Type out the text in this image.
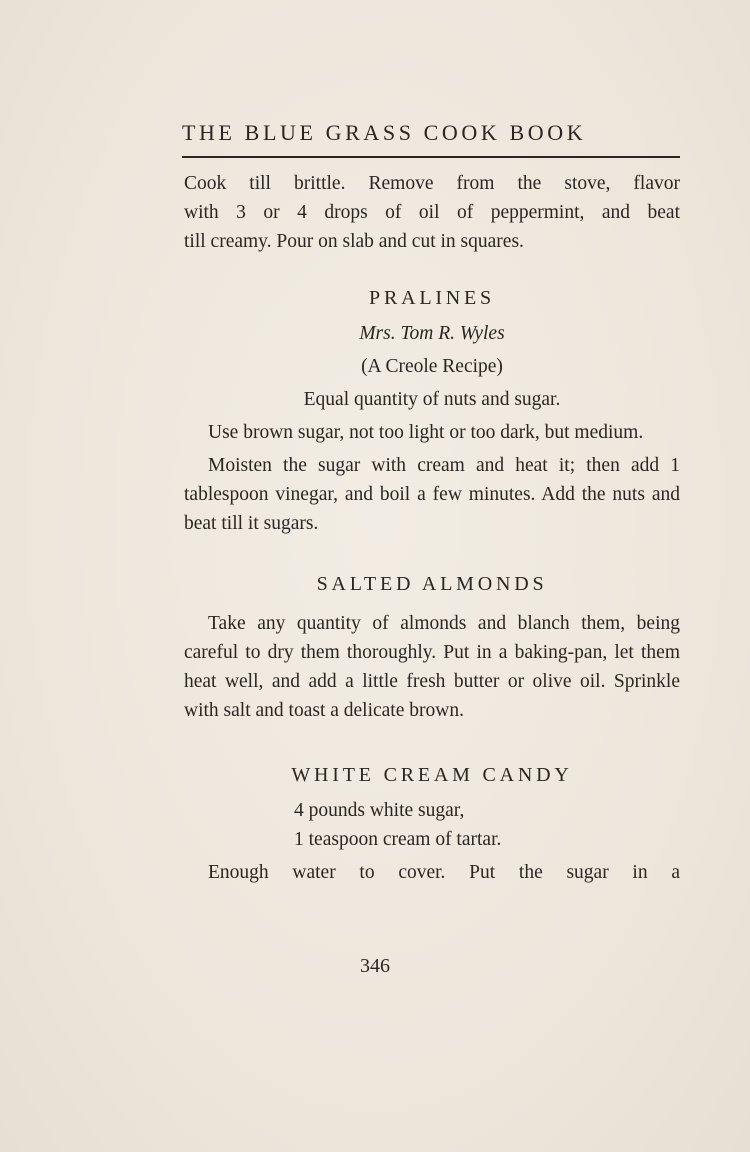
THE BLUE GRASS COOK BOOK

Cook till brittle. Remove from the stove, flavor

with 3 or 4 drops of oil of peppermint, and beat

till creamy. Pour on slab and cut in squares.

PRALINES

Mrs. Tom R. Wyles

(A Creole Recipe)

Equal quantity of nuts and sugar.

Use brown sugar, not too light or too dark, but medium.

Moisten the sugar with cream and heat it; then add 1 tablespoon vinegar, and boil a few minutes. Add the nuts and beat till it sugars.

SALTED ALMONDS

Take any quantity of almonds and blanch them, being careful to dry them thoroughly. Put in a baking-pan, let them heat well, and add a little fresh butter or olive oil. Sprinkle with salt and toast a delicate brown.

WHITE CREAM CANDY

4 pounds white sugar,

1 teaspoon cream of tartar.

Enough water to cover. Put the sugar in a

346
